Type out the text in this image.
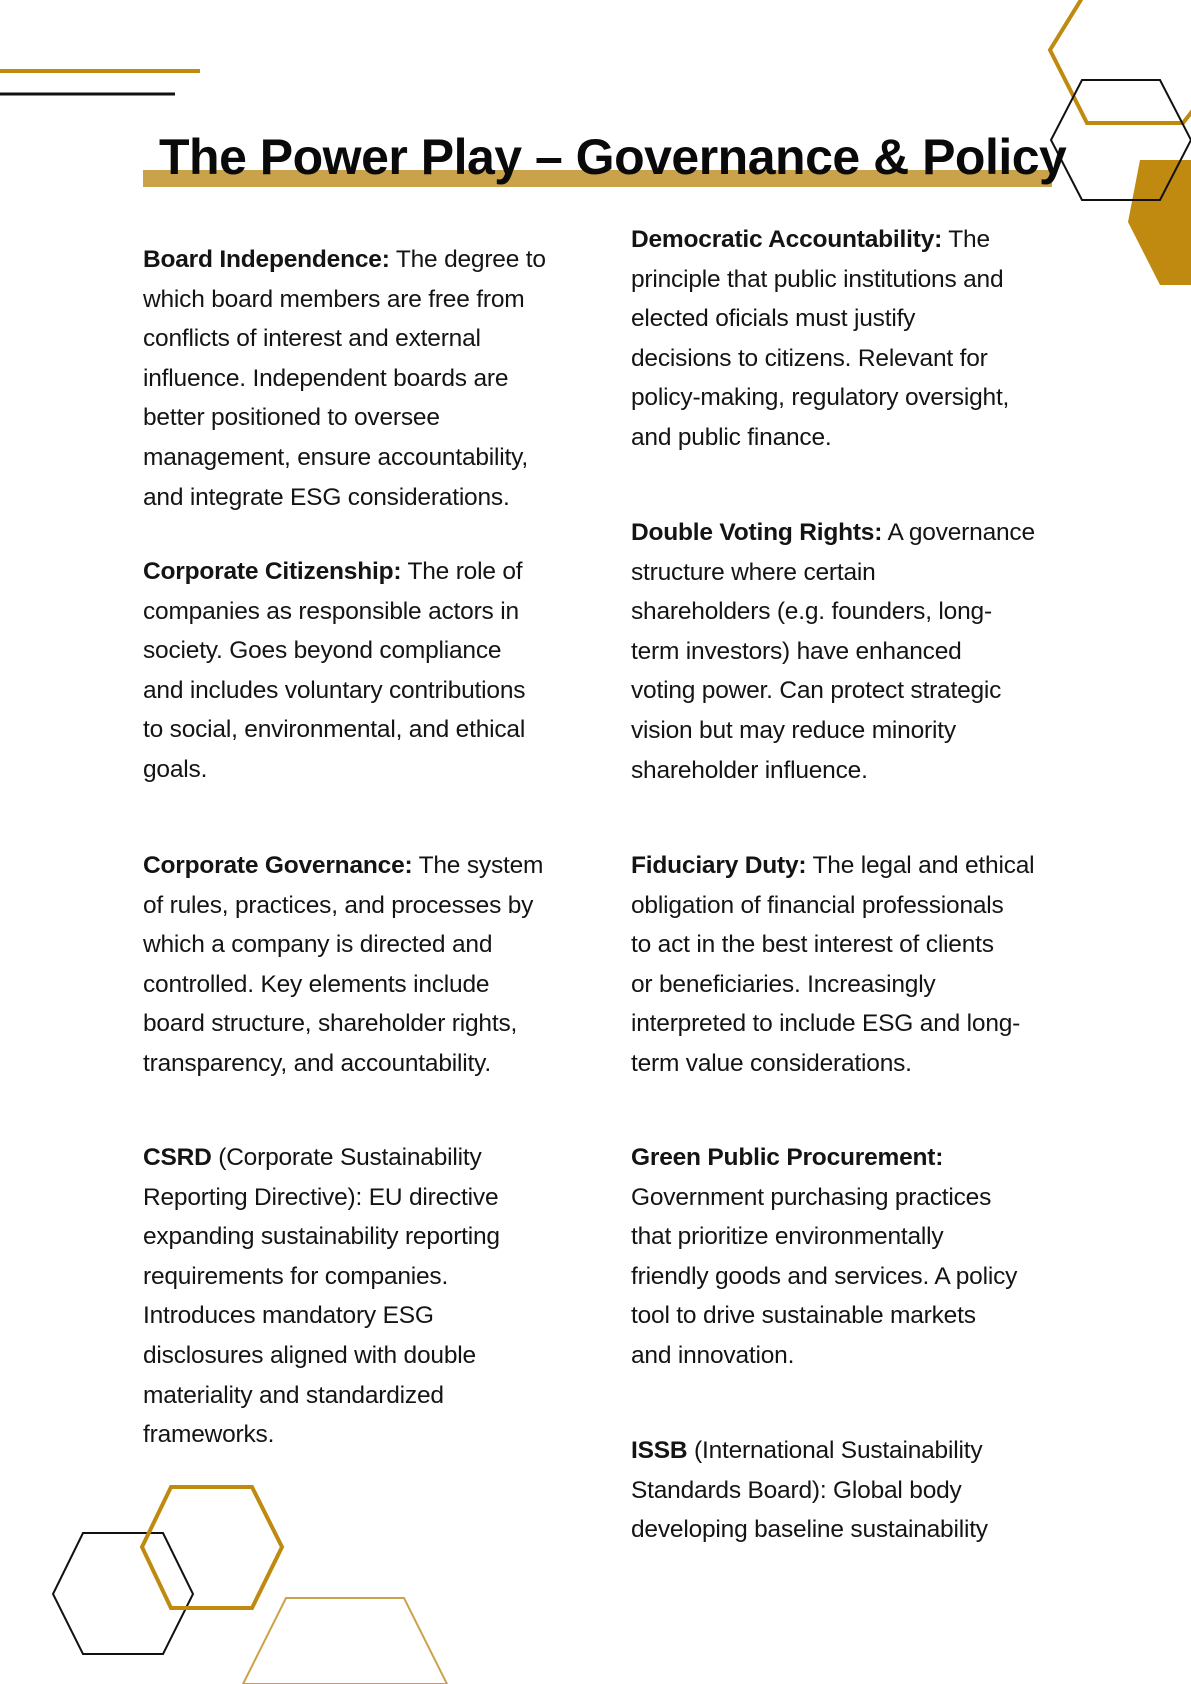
The Power Play – Governance & Policy
Board Independence: The degree to
which board members are free from
conflicts of interest and external
influence. Independent boards are
better positioned to oversee
management, ensure accountability,
and integrate ESG considerations.
Corporate Citizenship: The role of
companies as responsible actors in
society. Goes beyond compliance
and includes voluntary contributions
to social, environmental, and ethical
goals.
Corporate Governance: The system
of rules, practices, and processes by
which a company is directed and
controlled. Key elements include
board structure, shareholder rights,
transparency, and accountability.
CSRD (Corporate Sustainability
Reporting Directive): EU directive
expanding sustainability reporting
requirements for companies.
Introduces mandatory ESG
disclosures aligned with double
materiality and standardized
frameworks.
Democratic Accountability: The
principle that public institutions and
elected oficials must justify
decisions to citizens. Relevant for
policy-making, regulatory oversight,
and public finance.
Double Voting Rights: A governance
structure where certain
shareholders (e.g. founders, long-
term investors) have enhanced
voting power. Can protect strategic
vision but may reduce minority
shareholder influence.
Fiduciary Duty: The legal and ethical
obligation of financial professionals
to act in the best interest of clients
or beneficiaries. Increasingly
interpreted to include ESG and long-
term value considerations.
Green Public Procurement:
Government purchasing practices
that prioritize environmentally
friendly goods and services. A policy
tool to drive sustainable markets
and innovation.
ISSB (International Sustainability
Standards Board): Global body
developing baseline sustainability
